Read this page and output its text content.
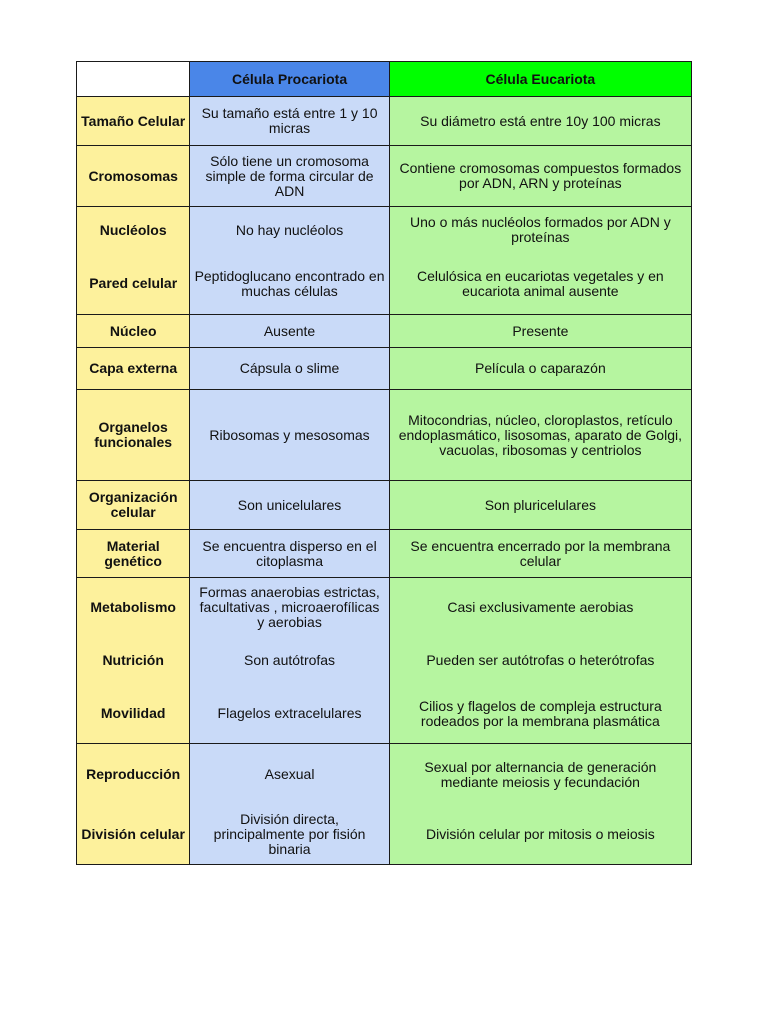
	Célula Procariota	Célula Eucariota
Tamaño Celular	Su tamaño está entre 1 y 10 micras	Su diámetro está entre 10y 100 micras
Cromosomas	Sólo tiene un cromosoma simple de forma circular de ADN	Contiene cromosomas compuestos formados por ADN, ARN y proteínas
Nucléolos	No hay nucléolos	Uno o más nucléolos formados por ADN y proteínas
Pared celular	Peptidoglucano encontrado en muchas células	Celulósica en eucariotas vegetales y en eucariota animal ausente
Núcleo	Ausente	Presente
Capa externa	Cápsula o slime	Película o caparazón
Organelos funcionales	Ribosomas y mesosomas	Mitocondrias, núcleo, cloroplastos, retículo endoplasmático, lisosomas, aparato de Golgi, vacuolas, ribosomas y centriolos
Organización celular	Son unicelulares	Son pluricelulares
Material genético	Se encuentra disperso en el citoplasma	Se encuentra encerrado por la membrana celular
Metabolismo	Formas anaerobias estrictas, facultativas , microaerofílicas y aerobias	Casi exclusivamente aerobias
Nutrición	Son autótrofas	Pueden ser autótrofas o heterótrofas
Movilidad	Flagelos extracelulares	Cilios y flagelos de compleja estructura rodeados por la membrana plasmática
Reproducción	Asexual	Sexual por alternancia de generación mediante meiosis y fecundación
División celular	División directa, principalmente por fisión binaria	División celular por mitosis o meiosis
